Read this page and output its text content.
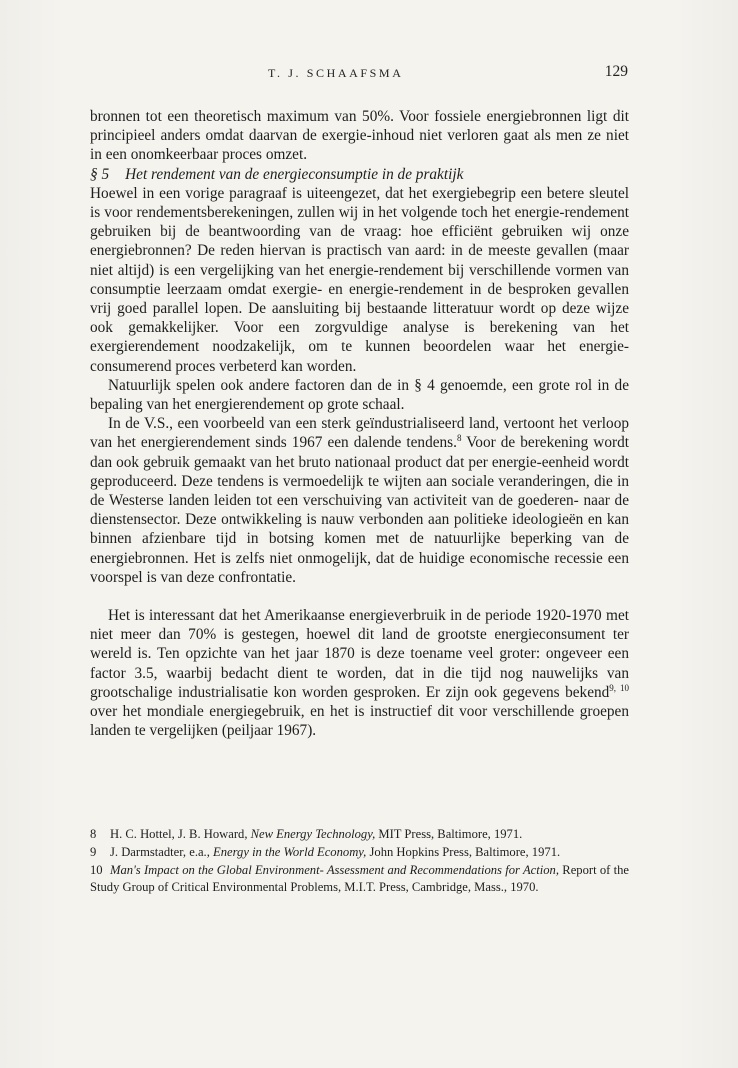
T. J. SCHAAFSMA	129

bronnen tot een theoretisch maximum van 50%. Voor fossiele energiebronnen ligt dit principieel anders omdat daarvan de exergie-inhoud niet verloren gaat als men ze niet in een onomkeerbaar proces omzet.

§ 5 Het rendement van de energieconsumptie in de praktijk

Hoewel in een vorige paragraaf is uiteengezet, dat het exergiebegrip een betere sleutel is voor rendementsberekeningen, zullen wij in het volgende toch het energie-rendement gebruiken bij de beantwoording van de vraag: hoe efficiënt gebruiken wij onze energiebronnen? De reden hiervan is practisch van aard: in de meeste gevallen (maar niet altijd) is een vergelijking van het energie-rendement bij verschillende vormen van consumptie leerzaam omdat exergie- en energie-rendement in de besproken gevallen vrij goed parallel lopen. De aansluiting bij bestaande litteratuur wordt op deze wijze ook gemakkelijker. Voor een zorgvuldige analyse is berekening van het exergierendement noodzakelijk, om te kunnen beoordelen waar het energie-consumerend proces verbeterd kan worden.

Natuurlijk spelen ook andere factoren dan de in § 4 genoemde, een grote rol in de bepaling van het energierendement op grote schaal.

In de V.S., een voorbeeld van een sterk geïndustrialiseerd land, vertoont het verloop van het energierendement sinds 1967 een dalende tendens.$^8$ Voor de berekening wordt dan ook gebruik gemaakt van het bruto nationaal product dat per energie-eenheid wordt geproduceerd. Deze tendens is vermoedelijk te wijten aan sociale veranderingen, die in de Westerse landen leiden tot een verschuiving van activiteit van de goederen- naar de dienstensector. Deze ontwikkeling is nauw verbonden aan politieke ideologieën en kan binnen afzienbare tijd in botsing komen met de natuurlijke beperking van de energiebronnen. Het is zelfs niet onmogelijk, dat de huidige economische recessie een voorspel is van deze confrontatie.

Het is interessant dat het Amerikaanse energieverbruik in de periode 1920-1970 met niet meer dan 70% is gestegen, hoewel dit land de grootste energieconsument ter wereld is. Ten opzichte van het jaar 1870 is deze toename veel groter: ongeveer een factor 3.5, waarbij bedacht dient te worden, dat in die tijd nog nauwelijks van grootschalige industrialisatie kon worden gesproken. Er zijn ook gegevens bekend$^{9, 10}$ over het mondiale energiegebruik, en het is instructief dit voor verschillende groepen landen te vergelijken (peiljaar 1967).

8 H. C. Hottel, J. B. Howard, New Energy Technology, MIT Press, Baltimore, 1971.

9 J. Darmstadter, e.a., Energy in the World Economy, John Hopkins Press, Baltimore, 1971.

10 Man's Impact on the Global Environment- Assessment and Recommendations for Action, Report of the Study Group of Critical Environmental Problems, M.I.T. Press, Cambridge, Mass., 1970.
